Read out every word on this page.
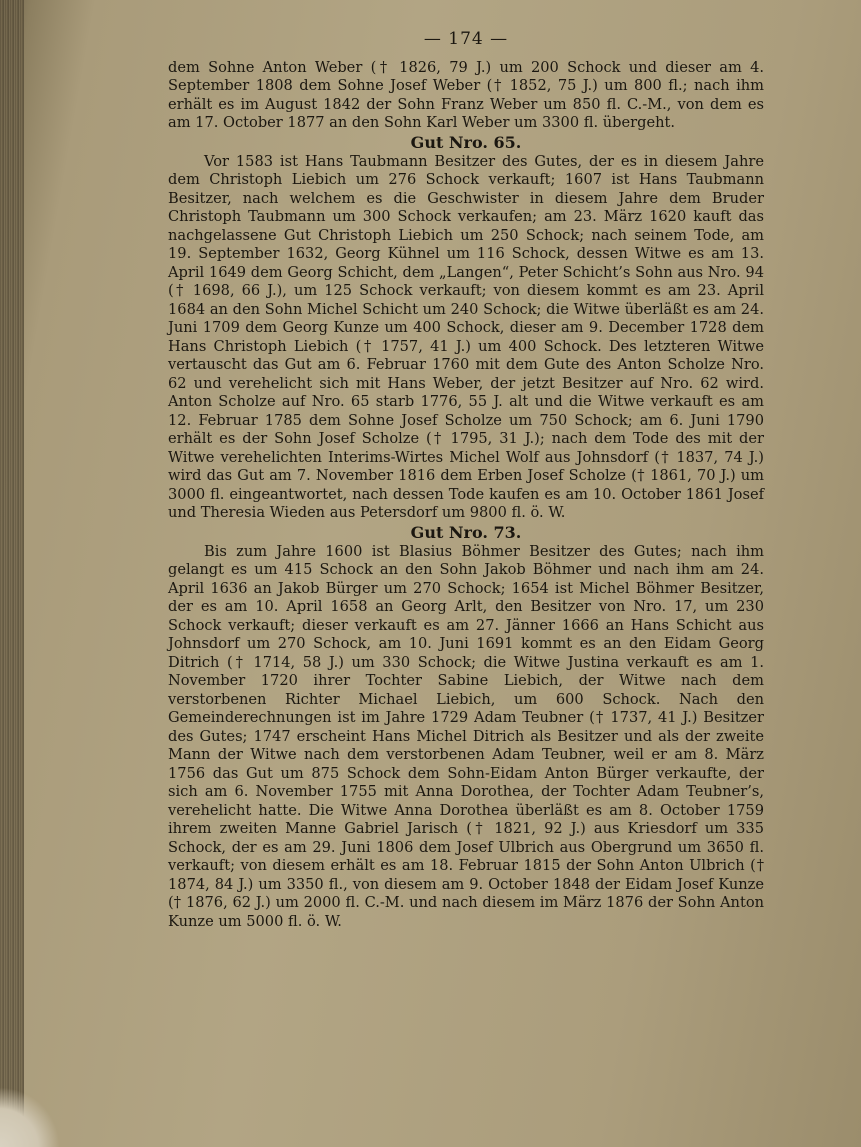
— 174 —

dem Sohne Anton Weber († 1826, 79 J.) um 200 Schock und dieser am 4. September 1808 dem Sohne Josef Weber († 1852, 75 J.) um 800 fl.; nach ihm erhält es im August 1842 der Sohn Franz Weber um 850 fl. C.-M., von dem es am 17. October 1877 an den Sohn Karl Weber um 3300 fl. übergeht.

Gut Nro. 65.

Vor 1583 ist Hans Taubmann Besitzer des Gutes, der es in diesem Jahre dem Christoph Liebich um 276 Schock verkauft; 1607 ist Hans Taubmann Besitzer, nach welchem es die Geschwister in diesem Jahre dem Bruder Christoph Taubmann um 300 Schock verkaufen; am 23. März 1620 kauft das nachgelassene Gut Christoph Liebich um 250 Schock; nach seinem Tode, am 19. September 1632, Georg Kühnel um 116 Schock, dessen Witwe es am 13. April 1649 dem Georg Schicht, dem „Langen“, Peter Schicht’s Sohn aus Nro. 94 († 1698, 66 J.), um 125 Schock verkauft; von diesem kommt es am 23. April 1684 an den Sohn Michel Schicht um 240 Schock; die Witwe überläßt es am 24. Juni 1709 dem Georg Kunze um 400 Schock, dieser am 9. December 1728 dem Hans Christoph Liebich († 1757, 41 J.) um 400 Schock. Des letzteren Witwe vertauscht das Gut am 6. Februar 1760 mit dem Gute des Anton Scholze Nro. 62 und verehelicht sich mit Hans Weber, der jetzt Besitzer auf Nro. 62 wird. Anton Scholze auf Nro. 65 starb 1776, 55 J. alt und die Witwe verkauft es am 12. Februar 1785 dem Sohne Josef Scholze um 750 Schock; am 6. Juni 1790 erhält es der Sohn Josef Scholze († 1795, 31 J.); nach dem Tode des mit der Witwe verehelichten Interims-Wirtes Michel Wolf aus Johnsdorf († 1837, 74 J.) wird das Gut am 7. November 1816 dem Erben Josef Scholze († 1861, 70 J.) um 3000 fl. eingeantwortet, nach dessen Tode kaufen es am 10. October 1861 Josef und Theresia Wieden aus Petersdorf um 9800 fl. ö. W.

Gut Nro. 73.

Bis zum Jahre 1600 ist Blasius Böhmer Besitzer des Gutes; nach ihm gelangt es um 415 Schock an den Sohn Jakob Böhmer und nach ihm am 24. April 1636 an Jakob Bürger um 270 Schock; 1654 ist Michel Böhmer Besitzer, der es am 10. April 1658 an Georg Arlt, den Besitzer von Nro. 17, um 230 Schock verkauft; dieser verkauft es am 27. Jänner 1666 an Hans Schicht aus Johnsdorf um 270 Schock, am 10. Juni 1691 kommt es an den Eidam Georg Ditrich († 1714, 58 J.) um 330 Schock; die Witwe Justina verkauft es am 1. November 1720 ihrer Tochter Sabine Liebich, der Witwe nach dem verstorbenen Richter Michael Liebich, um 600 Schock. Nach den Gemeinderechnungen ist im Jahre 1729 Adam Teubner († 1737, 41 J.) Besitzer des Gutes; 1747 erscheint Hans Michel Ditrich als Besitzer und als der zweite Mann der Witwe nach dem verstorbenen Adam Teubner, weil er am 8. März 1756 das Gut um 875 Schock dem Sohn-Eidam Anton Bürger verkaufte, der sich am 6. November 1755 mit Anna Dorothea, der Tochter Adam Teubner’s, verehelicht hatte. Die Witwe Anna Dorothea überläßt es am 8. October 1759 ihrem zweiten Manne Gabriel Jarisch († 1821, 92 J.) aus Kriesdorf um 335 Schock, der es am 29. Juni 1806 dem Josef Ulbrich aus Obergrund um 3650 fl. verkauft; von diesem erhält es am 18. Februar 1815 der Sohn Anton Ulbrich († 1874, 84 J.) um 3350 fl., von diesem am 9. October 1848 der Eidam Josef Kunze († 1876, 62 J.) um 2000 fl. C.-M. und nach diesem im März 1876 der Sohn Anton Kunze um 5000 fl. ö. W.
